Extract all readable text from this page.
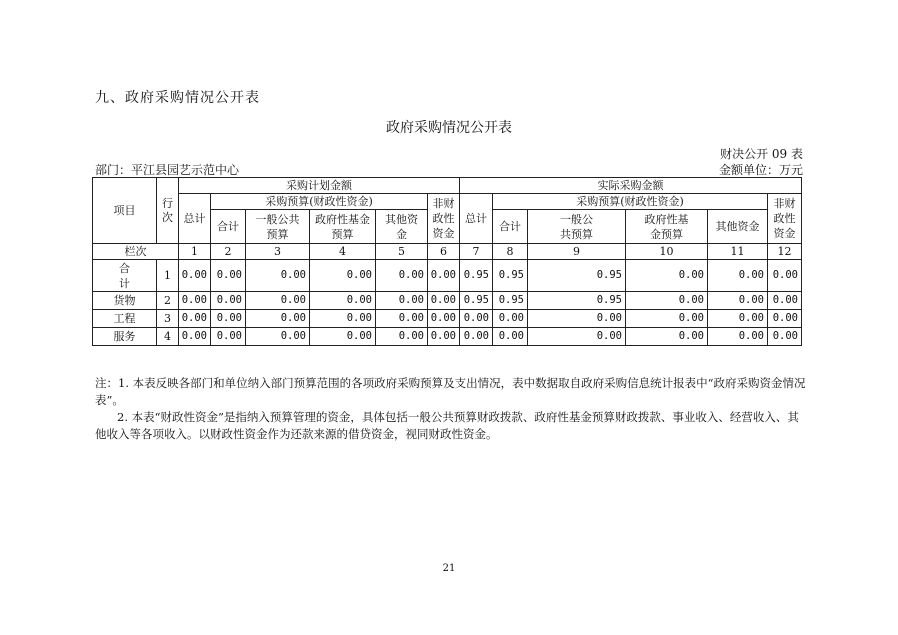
九、政府采购情况公开表
政府采购情况公开表
财决公开 09 表
部门：平江县园艺示范中心	金额单位：万元
项目	行次	采购计划金额						实际采购金额					
		总计	采购预算(财政性资金)				非财政性资金	总计	采购预算(财政性资金)				非财政性资金
			合计	一般公共预算	政府性基金预算	其他资金			合计	一般公共预算	政府性基金预算	其他资金	
栏次		1	2	3	4	5	6	7	8	9	10	11	12
合计	1	0.00	0.00	0.00	0.00	0.00	0.00	0.95	0.95	0.95	0.00	0.00	0.00
货物	2	0.00	0.00	0.00	0.00	0.00	0.00	0.95	0.95	0.95	0.00	0.00	0.00
工程	3	0.00	0.00	0.00	0.00	0.00	0.00	0.00	0.00	0.00	0.00	0.00	0.00
服务	4	0.00	0.00	0.00	0.00	0.00	0.00	0.00	0.00	0.00	0.00	0.00	0.00

注：1. 本表反映各部门和单位纳入部门预算范围的各项政府采购预算及支出情况，表中数据取自政府采购信息统计报表中“政府采购资金情况表”。

2. 本表“财政性资金”是指纳入预算管理的资金，具体包括一般公共预算财政拨款、政府性基金预算财政拨款、事业收入、经营收入、其他收入等各项收入。以财政性资金作为还款来源的借贷资金，视同财政性资金。

21
